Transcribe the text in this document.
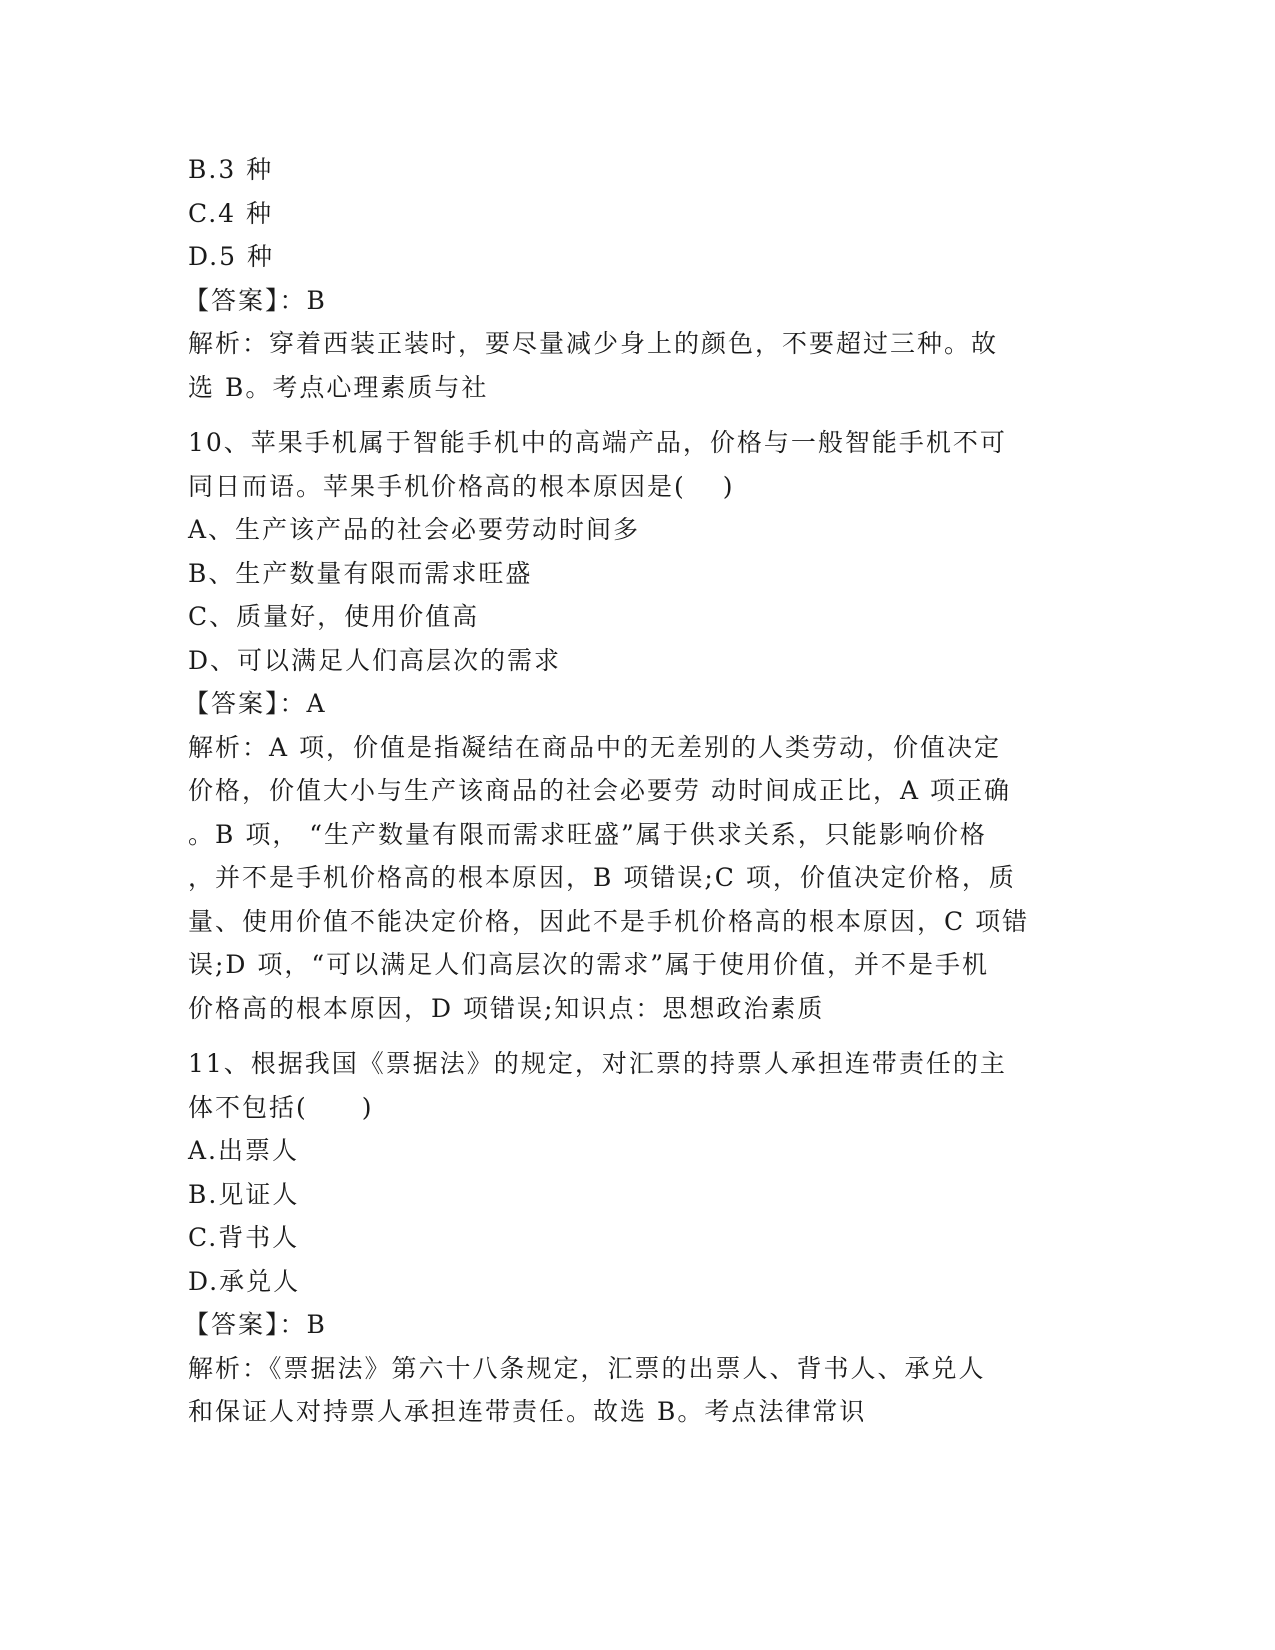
B.3 种
C.4 种
D.5 种
【答案】：B
解析：穿着西装正装时，要尽量减少身上的颜色，不要超过三种。故
选 B。考点心理素质与社
10、苹果手机属于智能手机中的高端产品，价格与一般智能手机不可
同日而语。苹果手机价格高的根本原因是(　 )
A、生产该产品的社会必要劳动时间多
B、生产数量有限而需求旺盛
C、质量好，使用价值高
D、可以满足人们高层次的需求
【答案】：A
解析：A 项，价值是指凝结在商品中的无差别的人类劳动，价值决定
价格，价值大小与生产该商品的社会必要劳 动时间成正比，A 项正确
。B 项， “生产数量有限而需求旺盛”属于供求关系，只能影响价格
，并不是手机价格高的根本原因，B 项错误;C 项，价值决定价格，质
量、使用价值不能决定价格，因此不是手机价格高的根本原因，C 项错
误;D 项，“可以满足人们高层次的需求”属于使用价值，并不是手机
价格高的根本原因，D 项错误;知识点：思想政治素质
11、根据我国《票据法》的规定，对汇票的持票人承担连带责任的主
体不包括(　　)
A.出票人
B.见证人
C.背书人
D.承兑人
【答案】：B
解析：《票据法》第六十八条规定，汇票的出票人、背书人、承兑人
和保证人对持票人承担连带责任。故选 B。考点法律常识
